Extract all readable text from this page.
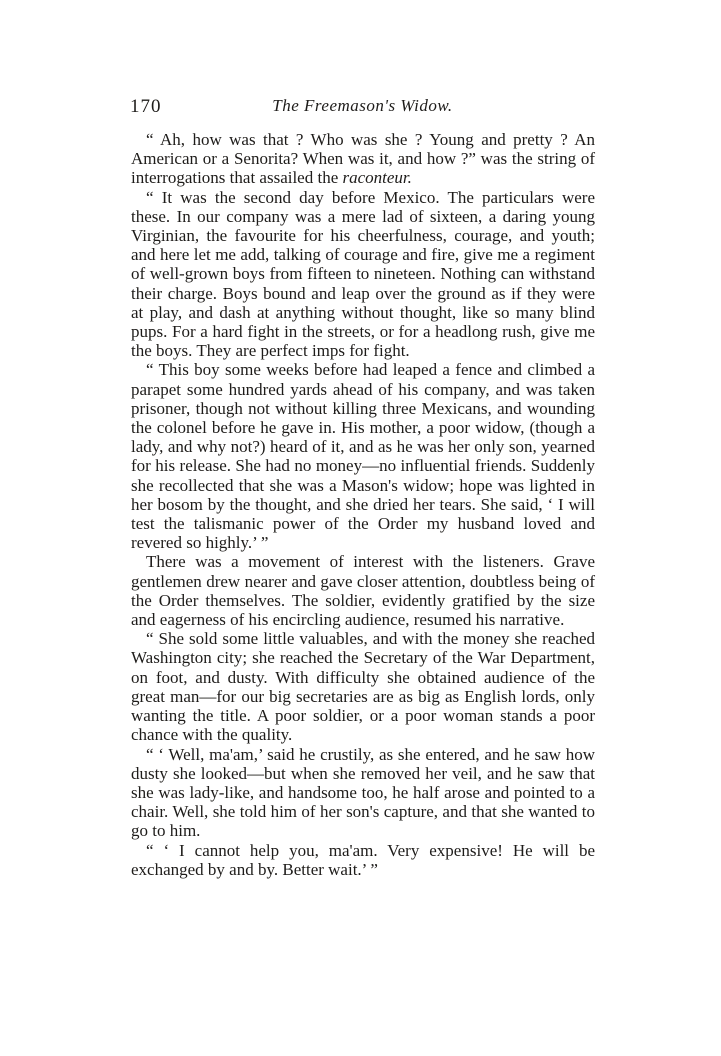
170	The Freemason's Widow.

“ Ah, how was that ? Who was she ? Young and pretty ? An American or a Senorita? When was it, and how ?” was the string of interrogations that assailed the raconteur.

“ It was the second day before Mexico. The particulars were these. In our company was a mere lad of sixteen, a daring young Virginian, the favourite for his cheerfulness, courage, and youth; and here let me add, talking of courage and fire, give me a regiment of well-grown boys from fifteen to nineteen. Nothing can withstand their charge. Boys bound and leap over the ground as if they were at play, and dash at anything without thought, like so many blind pups. For a hard fight in the streets, or for a headlong rush, give me the boys. They are perfect imps for fight.

“ This boy some weeks before had leaped a fence and climbed a parapet some hundred yards ahead of his company, and was taken prisoner, though not without killing three Mexicans, and wounding the colonel before he gave in. His mother, a poor widow, (though a lady, and why not?) heard of it, and as he was her only son, yearned for his release. She had no money—no influential friends. Suddenly she recollected that she was a Mason's widow; hope was lighted in her bosom by the thought, and she dried her tears. She said, ‘ I will test the talismanic power of the Order my husband loved and revered so highly.’ ”

There was a movement of interest with the listeners. Grave gentlemen drew nearer and gave closer attention, doubtless being of the Order themselves. The soldier, evidently gratified by the size and eagerness of his encircling audience, resumed his narrative.

“ She sold some little valuables, and with the money she reached Washington city; she reached the Secretary of the War Department, on foot, and dusty. With difficulty she obtained audience of the great man—for our big secretaries are as big as English lords, only wanting the title. A poor soldier, or a poor woman stands a poor chance with the quality.

“ ‘ Well, ma'am,’ said he crustily, as she entered, and he saw how dusty she looked—but when she removed her veil, and he saw that she was lady-like, and handsome too, he half arose and pointed to a chair. Well, she told him of her son's capture, and that she wanted to go to him.

“ ‘ I cannot help you, ma'am. Very expensive! He will be exchanged by and by. Better wait.’ ”
